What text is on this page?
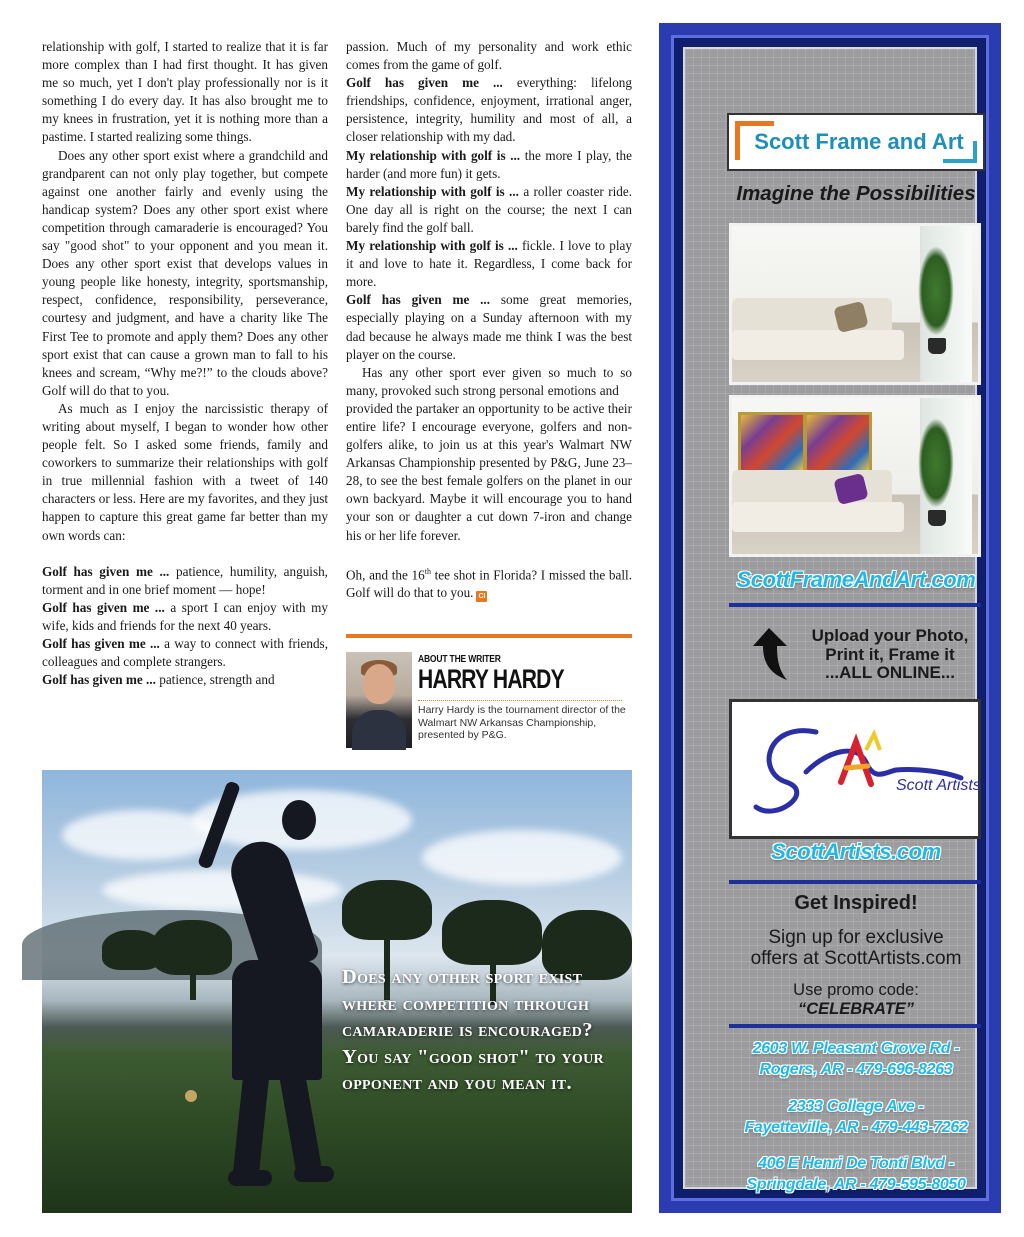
relationship with golf, I started to realize that it is far more complex than I had first thought. It has given me so much, yet I don't play professionally nor is it something I do every day. It has also brought me to my knees in frustration, yet it is nothing more than a pastime. I started realizing some things.

Does any other sport exist where a grandchild and grandparent can not only play together, but compete against one another fairly and evenly using the handicap system? Does any other sport exist where competition through camaraderie is encouraged? You say "good shot" to your opponent and you mean it. Does any other sport exist that develops values in young people like honesty, integrity, sportsmanship, respect, confidence, responsibility, perseverance, courtesy and judgment, and have a charity like The First Tee to promote and apply them? Does any other sport exist that can cause a grown man to fall to his knees and scream, “Why me?!” to the clouds above? Golf will do that to you.

As much as I enjoy the narcissistic therapy of writing about myself, I began to wonder how other people felt. So I asked some friends, family and coworkers to summarize their relationships with golf in true millennial fashion with a tweet of 140 characters or less. Here are my favorites, and they just happen to capture this great game far better than my own words can:

Golf has given me ... patience, humility, anguish, torment and in one brief moment — hope!

Golf has given me ... a sport I can enjoy with my wife, kids and friends for the next 40 years.

Golf has given me ... a way to connect with friends, colleagues and complete strangers.

Golf has given me ... patience, strength and

passion. Much of my personality and work ethic comes from the game of golf.

Golf has given me ... everything: lifelong friendships, confidence, enjoyment, irrational anger, persistence, integrity, humility and most of all, a closer relationship with my dad.

My relationship with golf is ... the more I play, the harder (and more fun) it gets.

My relationship with golf is ... a roller coaster ride. One day all is right on the course; the next I can barely find the golf ball.

My relationship with golf is ... fickle. I love to play it and love to hate it. Regardless, I come back for more.

Golf has given me ... some great memories, especially playing on a Sunday afternoon with my dad because he always made me think I was the best player on the course.

Has any other sport ever given so much to so many, provoked such strong personal emotions and  provided the partaker an opportunity to be active their entire life? I encourage everyone, golfers and non-golfers alike, to join us at this year's Walmart NW Arkansas Championship presented by P&G, June 23–28, to see the best female golfers on the planet in our own backyard. Maybe it will encourage you to hand your son or daughter a cut down 7-iron and change his or her life forever.

Oh, and the 16th tee shot in Florida? I missed the ball. Golf will do that to you. CI

ABOUT THE WRITER
HARRY HARDY
Harry Hardy is the tournament director of the Walmart NW Arkansas Championship, presented by P&G.
Does any other sport exist where competition through camaraderie is encouraged? You say "good shot" to your opponent and you mean it.
Scott Frame and Art
Imagine the Possibilities
ScottFrameAndArt.com
Upload your Photo,
Print it, Frame it
...ALL ONLINE...
Scott Artists
ScottArtists.com
Get Inspired!
Sign up for exclusive
offers at ScottArtists.com
Use promo code:
“CELEBRATE”
2603 W. Pleasant Grove Rd -
Rogers, AR - 479-696-8263
2333 College Ave -
Fayetteville, AR - 479-443-7262
406 E Henri De Tonti Blvd -
Springdale, AR - 479-595-8050
